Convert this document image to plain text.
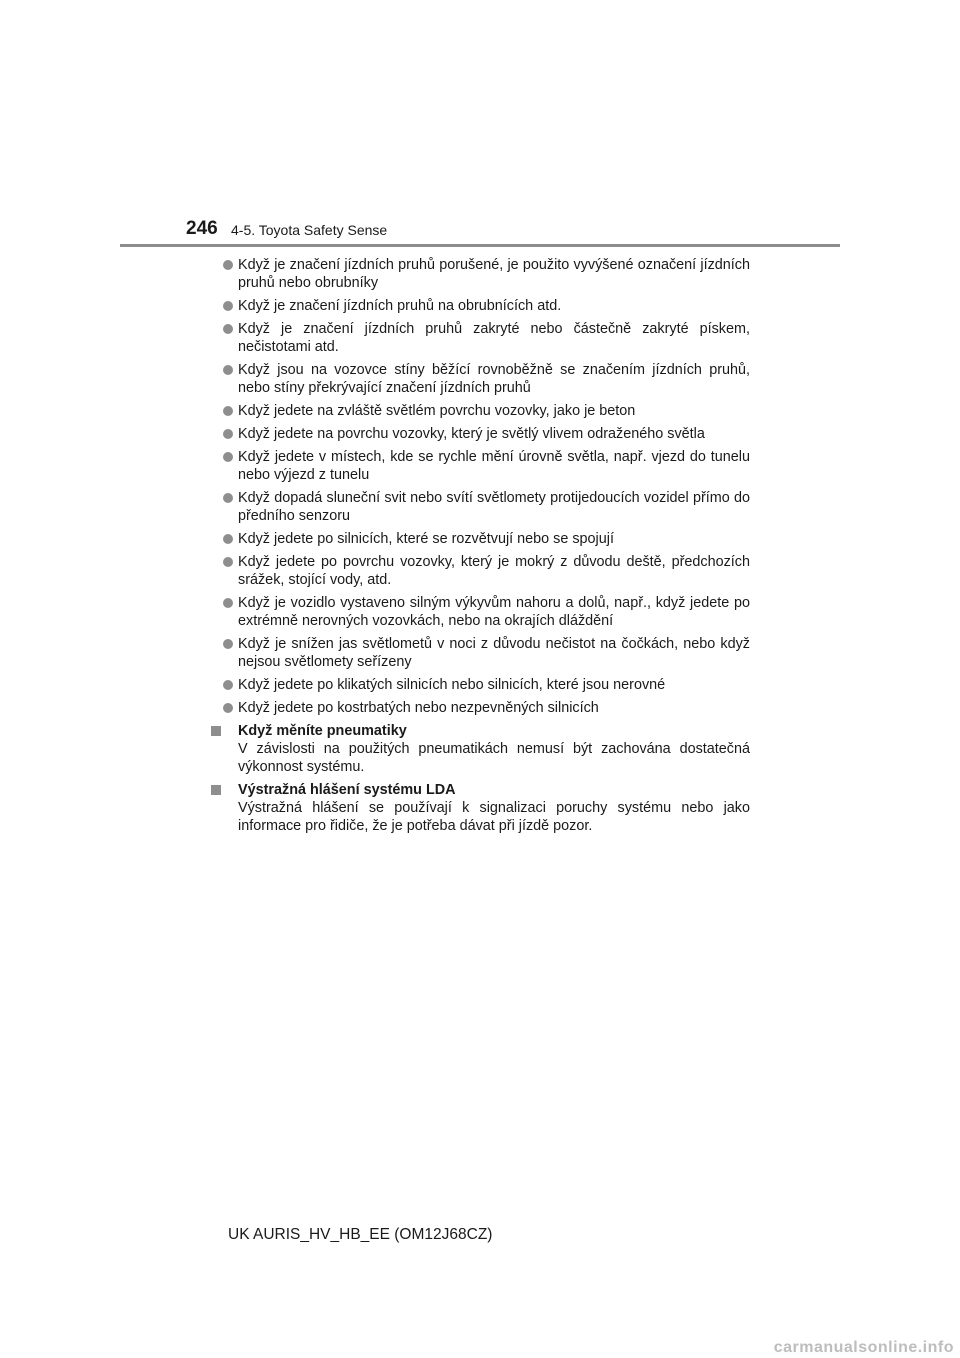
246 4-5. Toyota Safety Sense
Když je značení jízdních pruhů porušené, je použito vyvýšené označení jízdních pruhů nebo obrubníky
Když je značení jízdních pruhů na obrubnících atd.
Když je značení jízdních pruhů zakryté nebo částečně zakryté pískem, nečistotami atd.
Když jsou na vozovce stíny běžící rovnoběžně se značením jízdních pruhů, nebo stíny překrývající značení jízdních pruhů
Když jedete na zvláště světlém povrchu vozovky, jako je beton
Když jedete na povrchu vozovky, který je světlý vlivem odraženého světla
Když jedete v místech, kde se rychle mění úrovně světla, např. vjezd do tunelu nebo výjezd z tunelu
Když dopadá sluneční svit nebo svítí světlomety protijedoucích vozidel přímo do předního senzoru
Když jedete po silnicích, které se rozvětvují nebo se spojují
Když jedete po povrchu vozovky, který je mokrý z důvodu deště, předchozích srážek, stojící vody, atd.
Když je vozidlo vystaveno silným výkyvům nahoru a dolů, např., když jedete po extrémně nerovných vozovkách, nebo na okrajích dláždění
Když je snížen jas světlometů v noci z důvodu nečistot na čočkách, nebo když nejsou světlomety seřízeny
Když jedete po klikatých silnicích nebo silnicích, které jsou nerovné
Když jedete po kostrbatých nebo nezpevněných silnicích
Když měníte pneumatiky
V závislosti na použitých pneumatikách nemusí být zachována dostatečná výkonnost systému.
Výstražná hlášení systému LDA
Výstražná hlášení se používají k signalizaci poruchy systému nebo jako informace pro řidiče, že je potřeba dávat při jízdě pozor.
UK AURIS_HV_HB_EE (OM12J68CZ)
carmanualsonline.info
